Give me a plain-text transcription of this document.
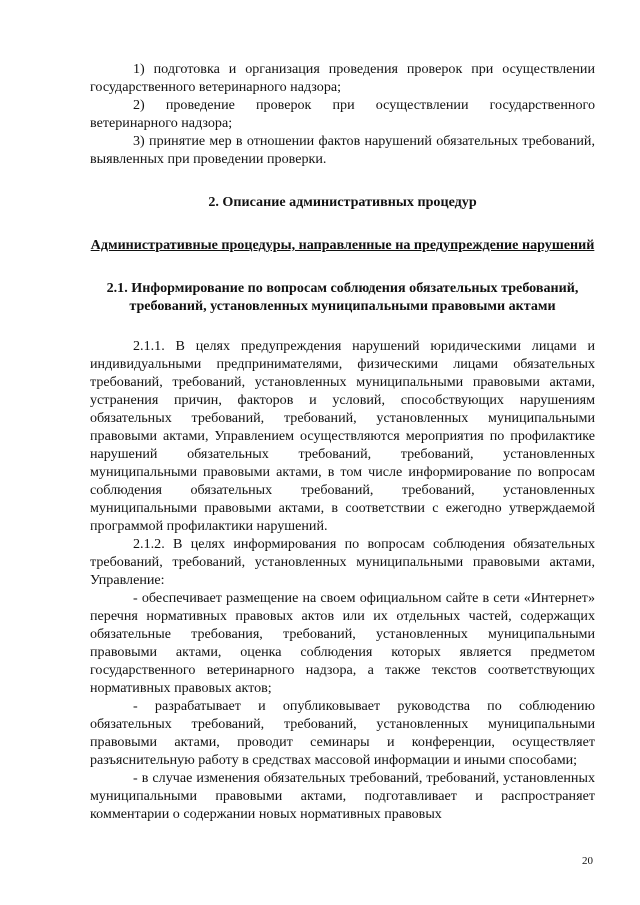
1) подготовка и организация проведения проверок при осуществлении государственного ветеринарного надзора;

2) проведение проверок при осуществлении государственного ветеринарного надзора;

3) принятие мер в отношении фактов нарушений обязательных требований, выявленных при проведении проверки.

2. Описание административных процедур

Административные процедуры, направленные на предупреждение нарушений

2.1. Информирование по вопросам соблюдения обязательных требований, требований, установленных муниципальными правовыми актами

2.1.1. В целях предупреждения нарушений юридическими лицами и индивидуальными предпринимателями, физическими лицами обязательных требований, требований, установленных муниципальными правовыми актами, устранения причин, факторов и условий, способствующих нарушениям обязательных требований, требований, установленных муниципальными правовыми актами, Управлением осуществляются мероприятия по профилактике нарушений обязательных требований, требований, установленных муниципальными правовыми актами, в том числе информирование по вопросам соблюдения обязательных требований, требований, установленных муниципальными правовыми актами, в соответствии с ежегодно утверждаемой программой профилактики нарушений.

2.1.2. В целях информирования по вопросам соблюдения обязательных требований, требований, установленных муниципальными правовыми актами, Управление:

- обеспечивает размещение на своем официальном сайте в сети «Интернет» перечня нормативных правовых актов или их отдельных частей, содержащих обязательные требования, требований, установленных муниципальными правовыми актами, оценка соблюдения которых является предметом государственного ветеринарного надзора, а также текстов соответствующих нормативных правовых актов;

- разрабатывает и опубликовывает руководства по соблюдению обязательных требований, требований, установленных муниципальными правовыми актами, проводит семинары и конференции, осуществляет разъяснительную работу в средствах массовой информации и иными способами;

- в случае изменения обязательных требований, требований, установленных муниципальными правовыми актами, подготавливает и распространяет комментарии о содержании новых нормативных правовых

20
